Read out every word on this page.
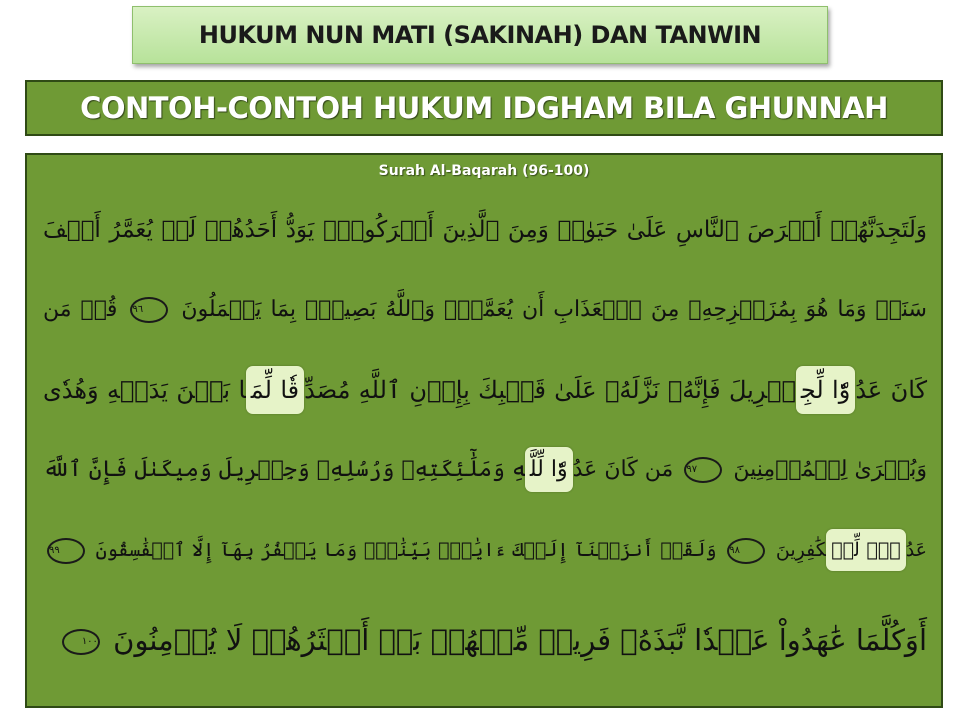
HUKUM NUN MATI (SAKINAH) DAN TANWIN
CONTOH-CONTOH HUKUM IDGHAM BILA GHUNNAH
Surah Al-Baqarah (96-100)
وَلَتَجِدَنَّهُمۡ أَحۡرَصَ ٱلنَّاسِ عَلَىٰ حَيَوٰةٖ وَمِنَ ٱلَّذِينَ أَشۡرَكُواْۚ يَوَدُّ أَحَدُهُمۡ لَوۡ يُعَمَّرُ أَلۡفَ
سَنَةٖ وَمَا هُوَ بِمُزَحۡزِحِهِۦ مِنَ ٱلۡعَذَابِ أَن يُعَمَّرَۗ وَٱللَّهُ بَصِيرُۢ بِمَا يَعۡمَلُونَ ٩٦ قُلۡ مَن
كَانَ عَدُوّٗا لِّجِبۡرِيلَ فَإِنَّهُۥ نَزَّلَهُۥ عَلَىٰ قَلۡبِكَ بِإِذۡنِ ٱللَّهِ مُصَدِّقٗا لِّمَا بَيۡنَ يَدَيۡهِ وَهُدٗى
وَبُشۡرَىٰ لِلۡمُؤۡمِنِينَ ٩٧ مَن كَانَ عَدُوّٗا لِّلَّهِ وَمَلَٰٓئِكَتِهِۦ وَرُسُلِهِۦ وَجِبۡرِيلَ وَمِيكَىٰلَ فَإِنَّ ٱللَّهَ
عَدُوّٞ لِّلۡكَٰفِرِينَ ٩٨ وَلَقَدۡ أَنزَلۡنَآ إِلَيۡكَ ءَايَٰتِۭ بَيِّنَٰتٖۖ وَمَا يَكۡفُرُ بِهَآ إِلَّا ٱلۡفَٰسِقُونَ ٩٩
أَوَكُلَّمَا عَٰهَدُواْ عَهۡدٗا نَّبَذَهُۥ فَرِيقٞ مِّنۡهُمۚ بَلۡ أَكۡثَرُهُمۡ لَا يُؤۡمِنُونَ ١٠٠
